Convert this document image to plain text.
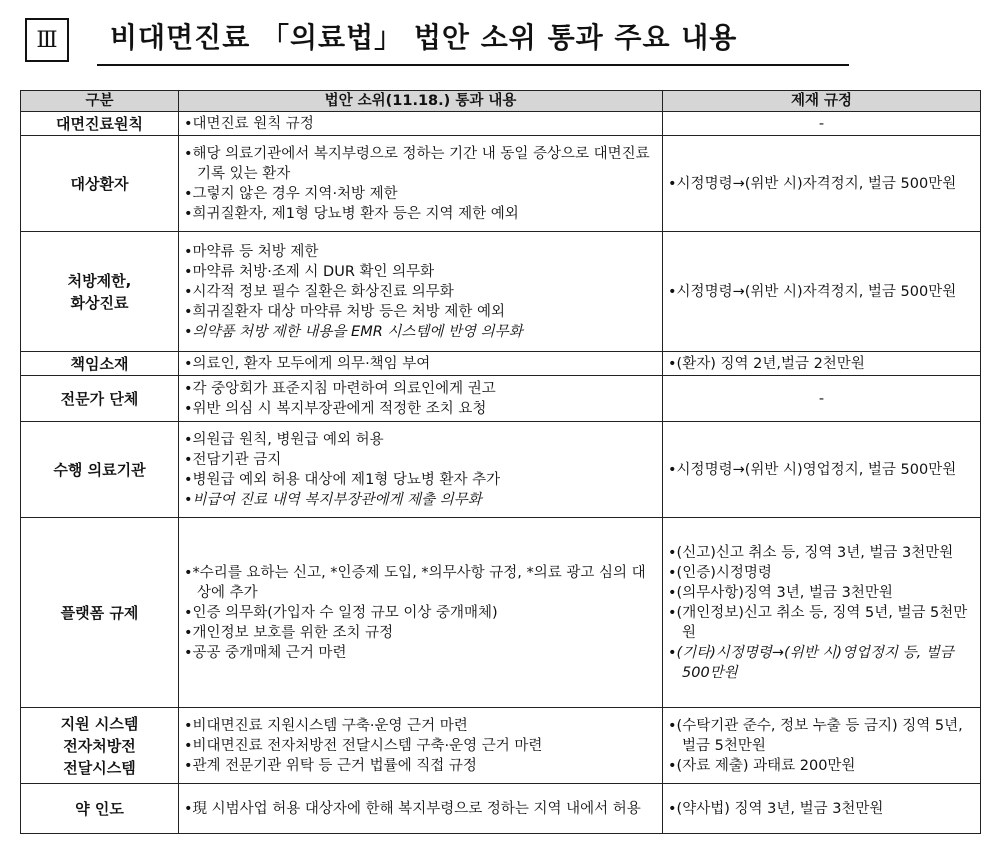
Ⅲ	비대면진료 「의료법」 법안 소위 통과 주요 내용
구분	법안 소위(11.18.) 통과 내용	제재 규정

대면진료원칙	•대면진료 원칙 규정	-

대상환자	•해당 의료기관에서 복지부령으로 정하는 기간 내 동일 증상으로 대면진료 기록 있는 환자
•그렇지 않은 경우 지역·처방 제한
•희귀질환자, 제1형 당뇨병 환자 등은 지역 제한 예외	•시정명령→(위반 시)자격정지, 벌금 500만원

처방제한,
화상진료	•마약류 등 처방 제한
•마약류 처방·조제 시 DUR 확인 의무화
•시각적 정보 필수 질환은 화상진료 의무화
•희귀질환자 대상 마약류 처방 등은 처방 제한 예외
•의약품 처방 제한 내용을 EMR 시스템에 반영 의무화	•시정명령→(위반 시)자격정지, 벌금 500만원

책임소재	•의료인, 환자 모두에게 의무·책임 부여	•(환자) 징역 2년,벌금 2천만원

전문가 단체	•각 중앙회가 표준지침 마련하여 의료인에게 권고
•위반 의심 시 복지부장관에게 적정한 조치 요청	-

수행 의료기관	•의원급 원칙, 병원급 예외 허용
•전담기관 금지
•병원급 예외 허용 대상에 제1형 당뇨병 환자 추가
•비급여 진료 내역 복지부장관에게 제출 의무화	•시정명령→(위반 시)영업정지, 벌금 500만원

플랫폼 규제	•*수리를 요하는 신고, *인증제 도입, *의무사항 규정, *의료 광고 심의 대상에 추가
•인증 의무화(가입자 수 일정 규모 이상 중개매체)
•개인정보 보호를 위한 조치 규정
•공공 중개매체 근거 마련	•(신고)신고 취소 등, 징역 3년, 벌금 3천만원
•(인증)시정명령
•(의무사항)징역 3년, 벌금 3천만원
•(개인정보)신고 취소 등, 징역 5년, 벌금 5천만원
•(기타)시정명령→(위반 시)영업정지 등, 벌금 500만원

지원 시스템
전자처방전
전달시스템	•비대면진료 지원시스템 구축·운영 근거 마련
•비대면진료 전자처방전 전달시스템 구축·운영 근거 마련
•관계 전문기관 위탁 등 근거 법률에 직접 규정	•(수탁기관 준수, 정보 누출 등 금지) 징역 5년, 벌금 5천만원
•(자료 제출) 과태료 200만원

약 인도	•現 시범사업 허용 대상자에 한해 복지부령으로 정하는 지역 내에서 허용	•(약사법) 징역 3년, 벌금 3천만원
